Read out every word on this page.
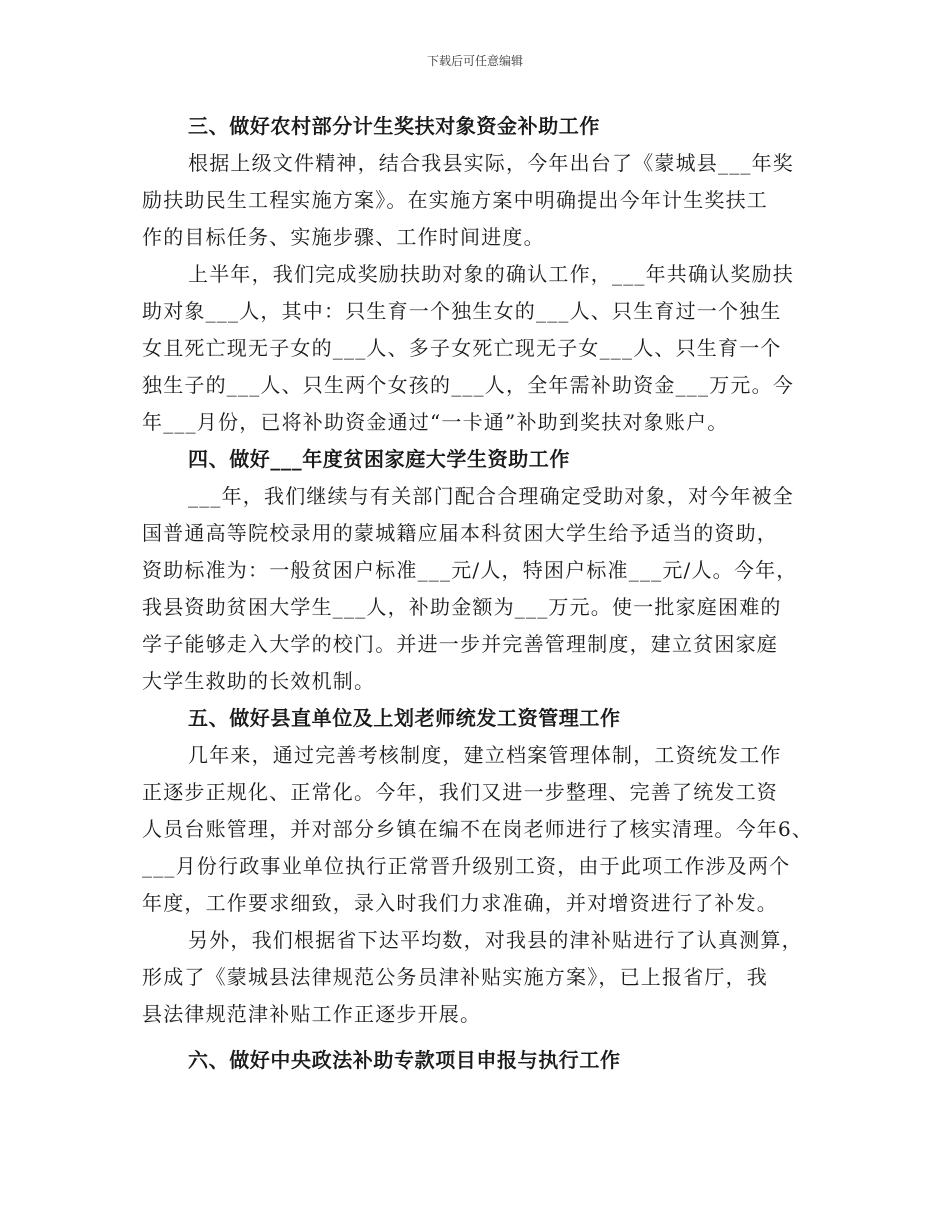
下载后可任意编辑
三、做好农村部分计生奖扶对象资金补助工作
根据上级文件精神，结合我县实际，今年出台了《蒙城县___年奖
励扶助民生工程实施方案》。在实施方案中明确提出今年计生奖扶工
作的目标任务、实施步骤、工作时间进度。
上半年，我们完成奖励扶助对象的确认工作，___年共确认奖励扶
助对象___人，其中：只生育一个独生女的___人、只生育过一个独生
女且死亡现无子女的___人、多子女死亡现无子女___人、只生育一个
独生子的___人、只生两个女孩的___人，全年需补助资金___万元。今
年___月份，已将补助资金通过“一卡通”补助到奖扶对象账户。
四、做好___年度贫困家庭大学生资助工作
___年，我们继续与有关部门配合合理确定受助对象，对今年被全
国普通高等院校录用的蒙城籍应届本科贫困大学生给予适当的资助，
资助标准为：一般贫困户标准___元/人，特困户标准___元/人。今年，
我县资助贫困大学生___人，补助金额为___万元。使一批家庭困难的
学子能够走入大学的校门。并进一步并完善管理制度，建立贫困家庭
大学生救助的长效机制。
五、做好县直单位及上划老师统发工资管理工作
几年来，通过完善考核制度，建立档案管理体制，工资统发工作
正逐步正规化、正常化。今年，我们又进一步整理、完善了统发工资
人员台账管理，并对部分乡镇在编不在岗老师进行了核实清理。今年6、
___月份行政事业单位执行正常晋升级别工资，由于此项工作涉及两个
年度，工作要求细致，录入时我们力求准确，并对增资进行了补发。
另外，我们根据省下达平均数，对我县的津补贴进行了认真测算，
形成了《蒙城县法律规范公务员津补贴实施方案》，已上报省厅，我
县法律规范津补贴工作正逐步开展。
六、做好中央政法补助专款项目申报与执行工作
